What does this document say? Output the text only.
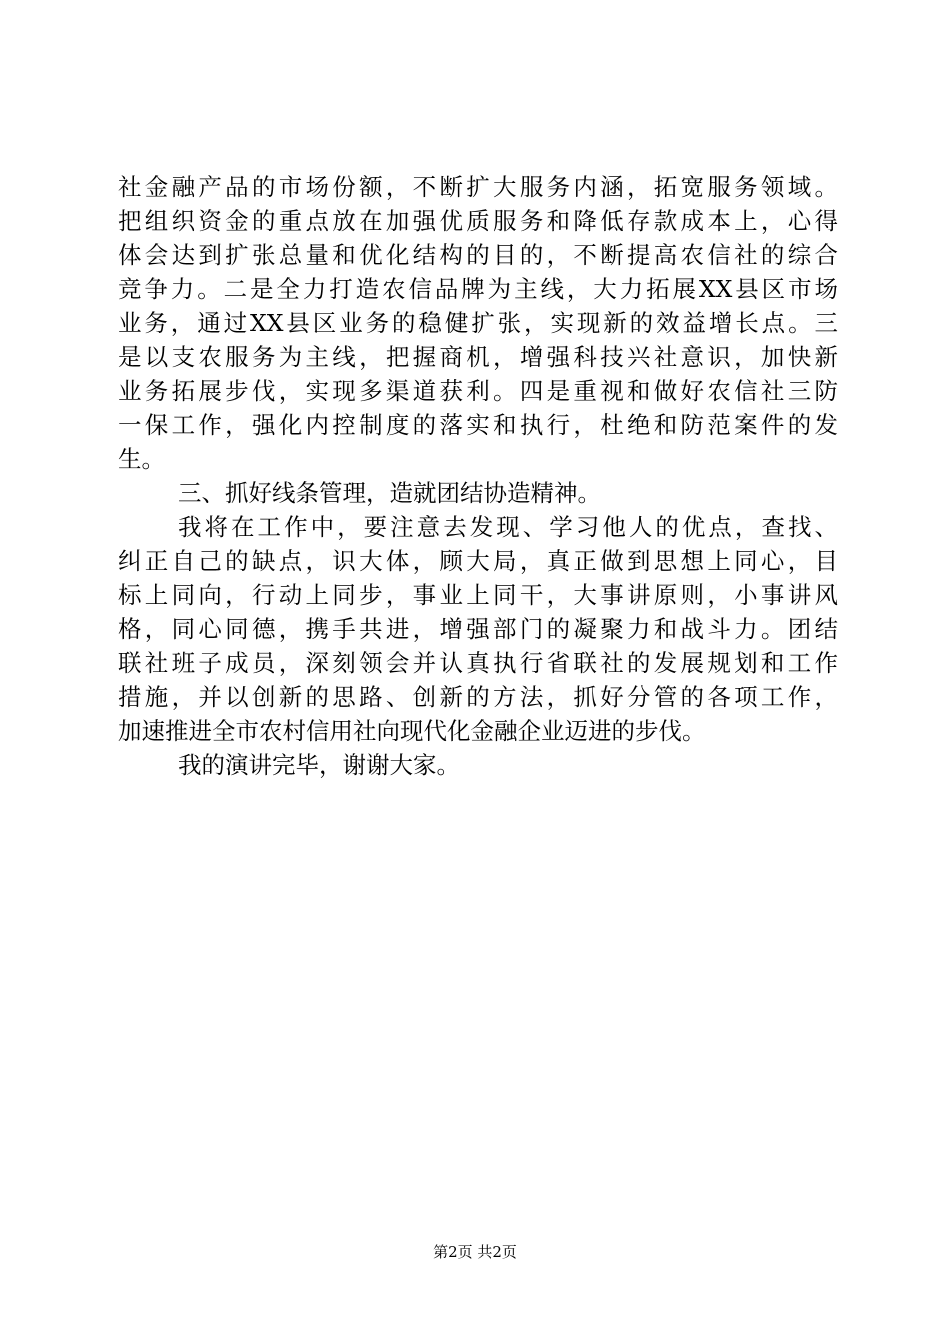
社金融产品的市场份额，不断扩大服务内涵，拓宽服务领域。
把组织资金的重点放在加强优质服务和降低存款成本上，心得
体会达到扩张总量和优化结构的目的，不断提高农信社的综合
竞争力。二是全力打造农信品牌为主线，大力拓展XX县区市场
业务，通过XX县区业务的稳健扩张，实现新的效益增长点。三
是以支农服务为主线，把握商机，增强科技兴社意识，加快新
业务拓展步伐，实现多渠道获利。四是重视和做好农信社三防
一保工作，强化内控制度的落实和执行，杜绝和防范案件的发
生。
三、抓好线条管理，造就团结协造精神。
我将在工作中，要注意去发现、学习他人的优点，查找、
纠正自己的缺点，识大体，顾大局，真正做到思想上同心，目
标上同向，行动上同步，事业上同干，大事讲原则，小事讲风
格，同心同德，携手共进，增强部门的凝聚力和战斗力。团结
联社班子成员，深刻领会并认真执行省联社的发展规划和工作
措施，并以创新的思路、创新的方法，抓好分管的各项工作，
加速推进全市农村信用社向现代化金融企业迈进的步伐。
我的演讲完毕，谢谢大家。
第2页 共2页
